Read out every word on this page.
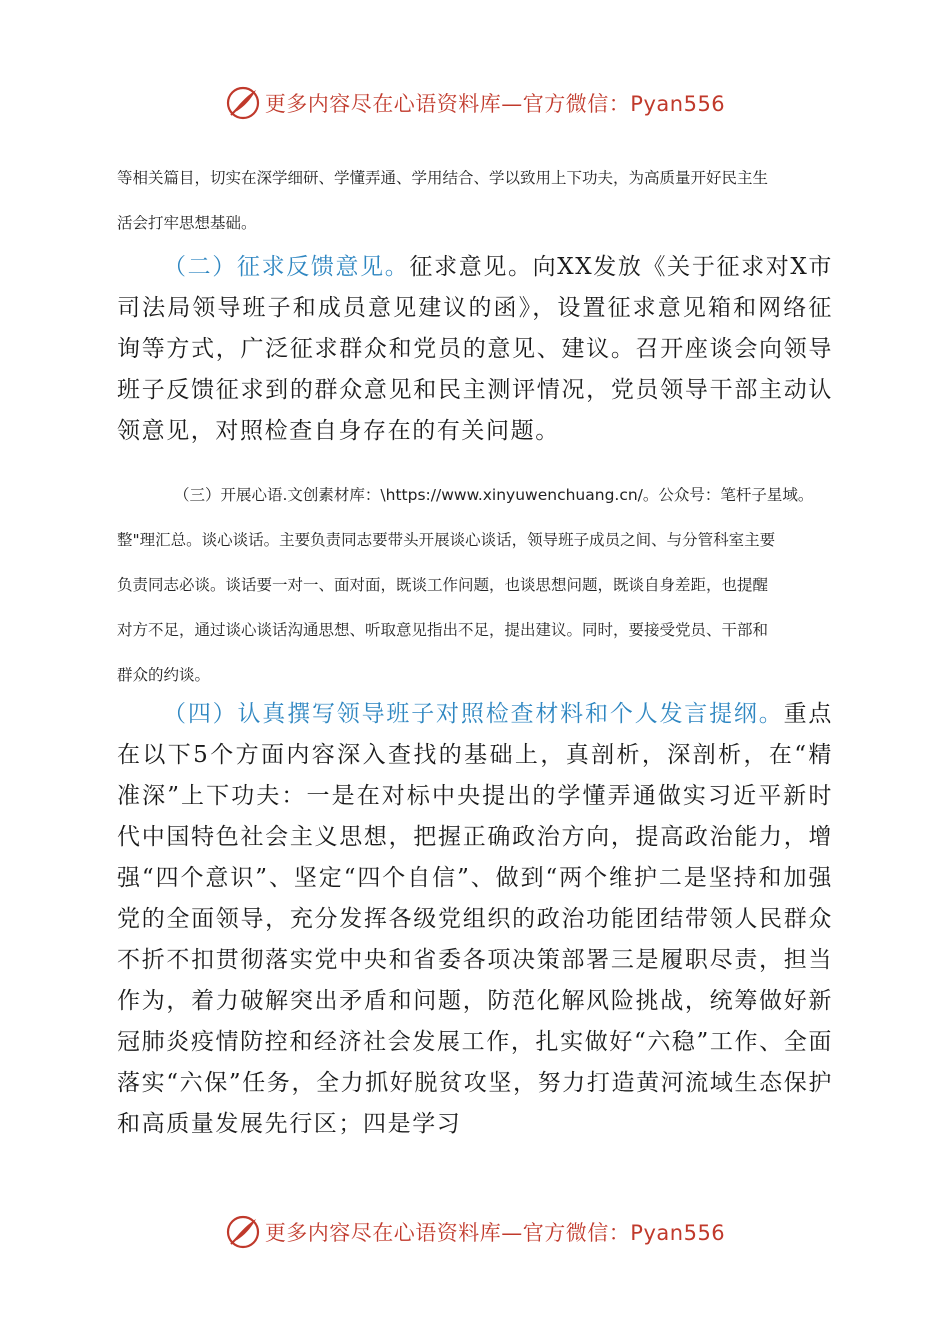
更多内容尽在心语资料库—官方微信：Pyan556

等相关篇目，切实在深学细研、学懂弄通、学用结合、学以致用上下功夫，为高质量开好民主生

活会打牢思想基础。

（二）征求反馈意见。征求意见。向XX发放《关于征求对X市司法局领导班子和成员意见建议的函》，设置征求意见箱和网络征询等方式，广泛征求群众和党员的意见、建议。召开座谈会向领导班子反馈征求到的群众意见和民主测评情况，党员领导干部主动认领意见，对照检查自身存在的有关问题。

（三）开展心语.文创素材库：\https://www.xinyuwenchuang.cn/。公众号：笔杆子星域。

整"理汇总。谈心谈话。主要负责同志要带头开展谈心谈话，领导班子成员之间、与分管科室主要

负责同志必谈。谈话要一对一、面对面，既谈工作问题，也谈思想问题，既谈自身差距，也提醒

对方不足，通过谈心谈话沟通思想、听取意见指出不足，提出建议。同时，要接受党员、干部和

群众的约谈。

（四）认真撰写领导班子对照检查材料和个人发言提纲。重点在以下5个方面内容深入查找的基础上，真剖析，深剖析，在“精准深”上下功夫：一是在对标中央提出的学懂弄通做实习近平新时代中国特色社会主义思想，把握正确政治方向，提高政治能力，增强“四个意识”、坚定“四个自信”、做到“两个维护二是坚持和加强党的全面领导，充分发挥各级党组织的政治功能团结带领人民群众不折不扣贯彻落实党中央和省委各项决策部署三是履职尽责，担当作为，着力破解突出矛盾和问题，防范化解风险挑战，统筹做好新冠肺炎疫情防控和经济社会发展工作，扎实做好“六稳”工作、全面落实“六保”任务，全力抓好脱贫攻坚，努力打造黄河流域生态保护和高质量发展先行区；四是学习

更多内容尽在心语资料库—官方微信：Pyan556
